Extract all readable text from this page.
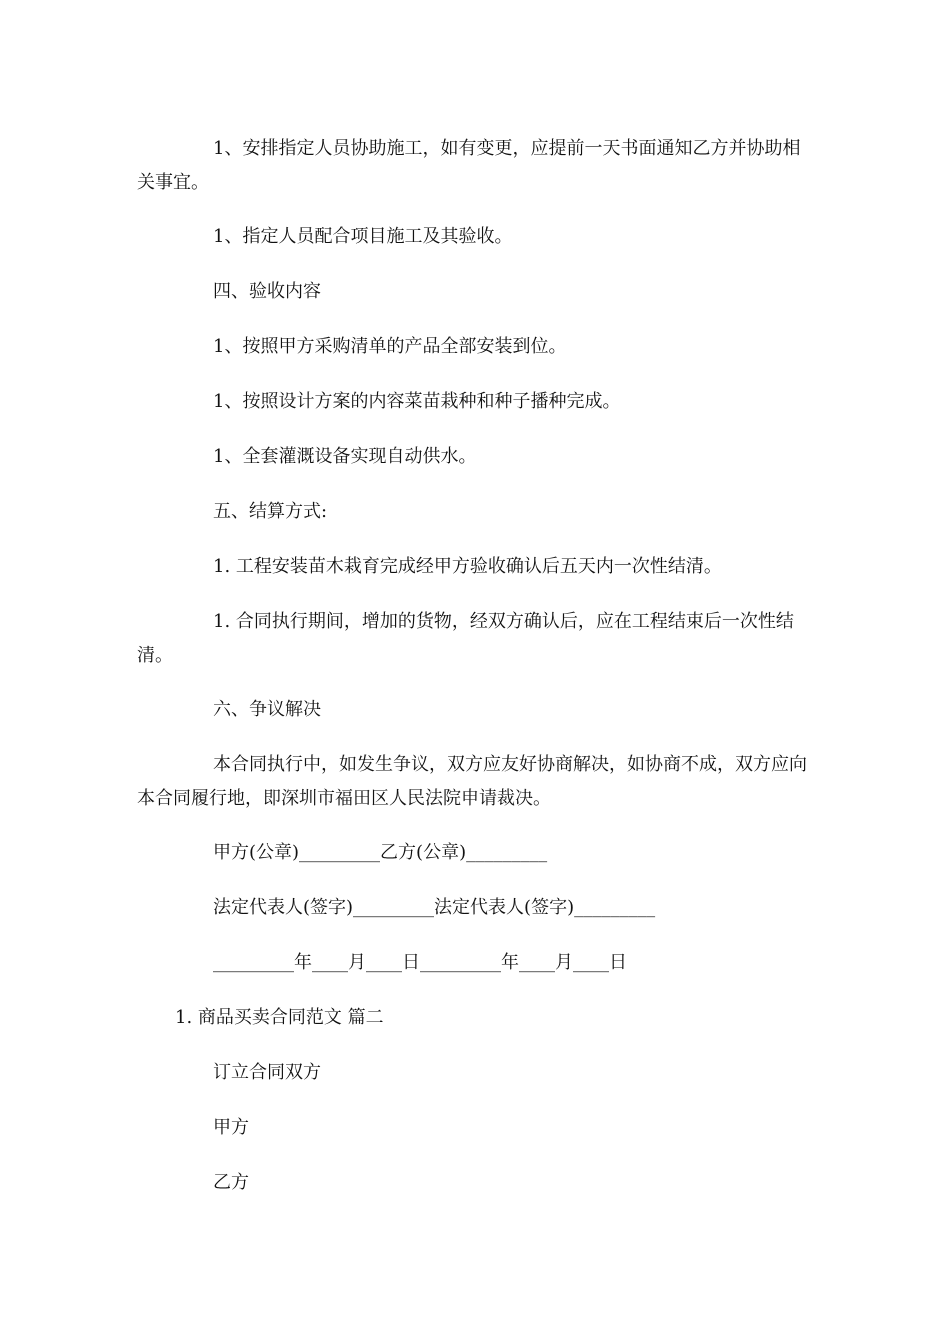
1、安排指定人员协助施工，如有变更，应提前一天书面通知乙方并协助相关事宜。

1、指定人员配合项目施工及其验收。

四、验收内容

1、按照甲方采购清单的产品全部安装到位。

1、按照设计方案的内容菜苗栽种和种子播种完成。

1、全套灌溉设备实现自动供水。

五、结算方式:

1. 工程安装苗木栽育完成经甲方验收确认后五天内一次性结清。

1. 合同执行期间，增加的货物，经双方确认后，应在工程结束后一次性结清。

六、争议解决

本合同执行中，如发生争议，双方应友好协商解决，如协商不成，双方应向本合同履行地，即深圳市福田区人民法院申请裁决。

甲方(公章)_________乙方(公章)_________

法定代表人(签字)_________法定代表人(签字)_________

_________年____月____日_________年____月____日

1. 商品买卖合同范文 篇二

订立合同双方

甲方

乙方
